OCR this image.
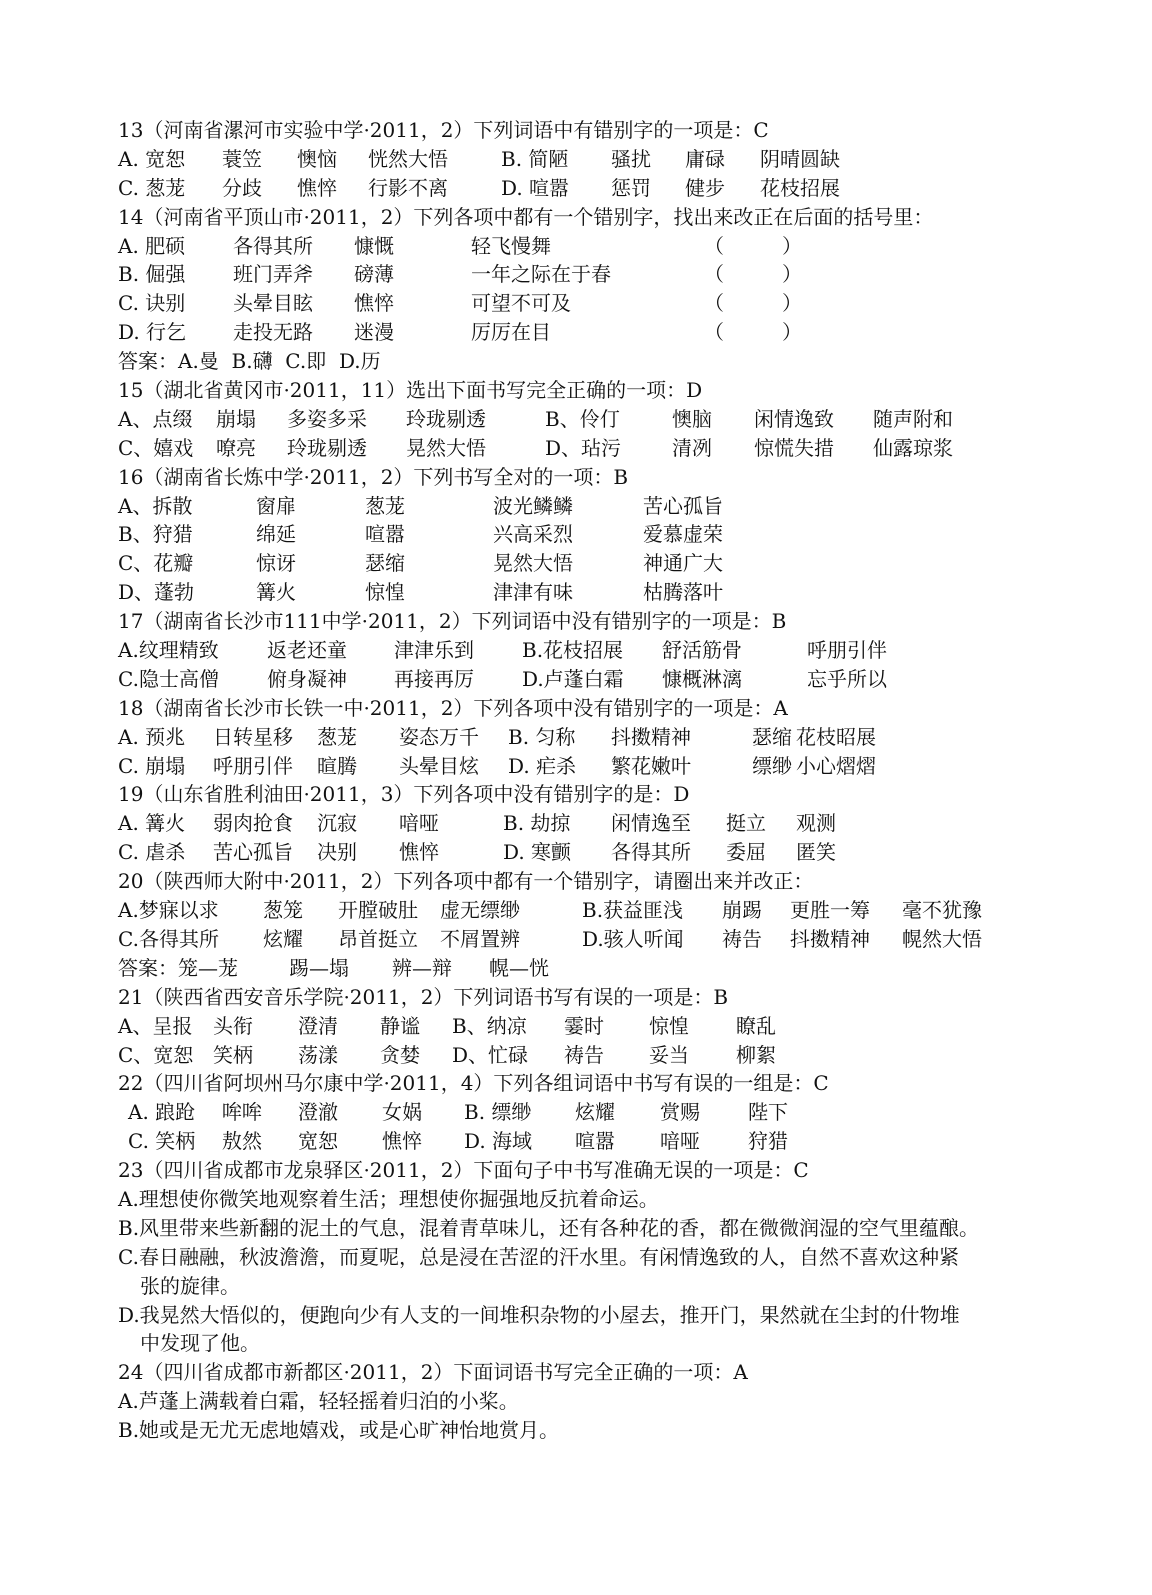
13（河南省漯河市实验中学·2011，2）下列词语中有错别字的一项是：C
A. 宽恕 蓑笠 懊恼 恍然大悟	B. 简陋 骚扰 庸碌 阴晴圆缺
C. 葱茏 分歧 憔悴 行影不离	D. 喧嚣 惩罚 健步 花枝招展
14（河南省平顶山市·2011，2）下列各项中都有一个错别字，找出来改正在后面的括号里：
A. 肥硕 各得其所 慷慨	轻飞慢舞	（	）
B. 倔强 班门弄斧 磅薄	一年之际在于春	（	）
C. 诀别 头晕目眩 憔悴	可望不可及	（	）
D. 行乞 走投无路 迷漫	厉厉在目	（	）
答案：A.曼  B.礴  C.即  D.历
15（湖北省黄冈市·2011，11）选出下面书写完全正确的一项：D
A、点缀 崩塌 多姿多采 玲珑剔透	B、伶仃	懊脑 闲情逸致 随声附和
C、嬉戏 嘹亮 玲珑剔透 晃然大悟	D、玷污	清冽 惊慌失措 仙露琼浆
16（湖南省长炼中学·2011，2）下列书写全对的一项：B
A、拆散	窗扉	葱茏	波光鳞鳞	苦心孤旨
B、狩猎	绵延	喧嚣	兴高采烈	爱慕虚荣
C、花瓣	惊讶	瑟缩	晃然大悟	神通广大
D、蓬勃	篝火	惊惶	津津有味	枯腾落叶
17（湖南省长沙市111中学·2011，2）下列词语中没有错别字的一项是：B
A.纹理精致 返老还童 津津乐到 B.花枝招展 舒活筋骨	呼朋引伴
C.隐士高僧 俯身凝神 再接再厉 D.卢蓬白霜 慷概淋漓	忘乎所以
18（湖南省长沙市长铁一中·2011，2）下列各项中没有错别字的一项是：A
A. 预兆 日转星移 葱茏 姿态万千 B. 匀称 抖擞精神	瑟缩 花枝昭展
C. 崩塌 呼朋引伴 暄腾 头晕目炫 D. 疟杀 繁花嫩叶	缥缈 小心熠熠
19（山东省胜利油田·2011，3）下列各项中没有错别字的是：D
A. 篝火 弱肉抢食 沉寂 喑哑	B. 劫掠 闲情逸至 挺立 观测
C. 虐杀 苦心孤旨 决别 憔悴	D. 寒颤 各得其所 委屈 匿笑
20（陕西师大附中·2011，2）下列各项中都有一个错别字，请圈出来并改正：
A.梦寐以求 葱笼 开膛破肚 虚无缥缈	B.获益匪浅 崩踢 更胜一筹 毫不犹豫
C.各得其所 炫耀 昂首挺立 不屑置辨	D.骇人听闻 祷告 抖擞精神 幌然大悟
答案：笼—茏	踢—塌 辨—辩 幌—恍
21（陕西省西安音乐学院·2011，2）下列词语书写有误的一项是：B
A、呈报 头衔 澄清 静谧 B、纳凉 霎时 惊惶 瞭乱
C、宽恕 笑柄 荡漾 贪婪 D、忙碌 祷告 妥当 柳絮
22（四川省阿坝州马尔康中学·2011，4）下列各组词语中书写有误的一组是：C
A. 踉跄 哞哞 澄澈 女娲 B. 缥缈 炫耀 赏赐 陛下
C. 笑柄 敖然 宽恕 憔悴 D. 海域 喧嚣 喑哑 狩猎
23（四川省成都市龙泉驿区·2011，2）下面句子中书写准确无误的一项是：C
A.理想使你微笑地观察着生活；理想使你掘强地反抗着命运。
B.风里带来些新翻的泥土的气息，混着青草味儿，还有各种花的香，都在微微润湿的空气里蕴酿。
C.春日融融，秋波澹澹，而夏呢，总是浸在苦涩的汗水里。有闲情逸致的人，自然不喜欢这种紧
张的旋律。
D.我晃然大悟似的，便跑向少有人支的一间堆积杂物的小屋去，推开门，果然就在尘封的什物堆
中发现了他。
24（四川省成都市新都区·2011，2）下面词语书写完全正确的一项：A
A.芦蓬上满载着白霜，轻轻摇着归泊的小桨。
B.她或是无尤无虑地嬉戏，或是心旷神怡地赏月。
